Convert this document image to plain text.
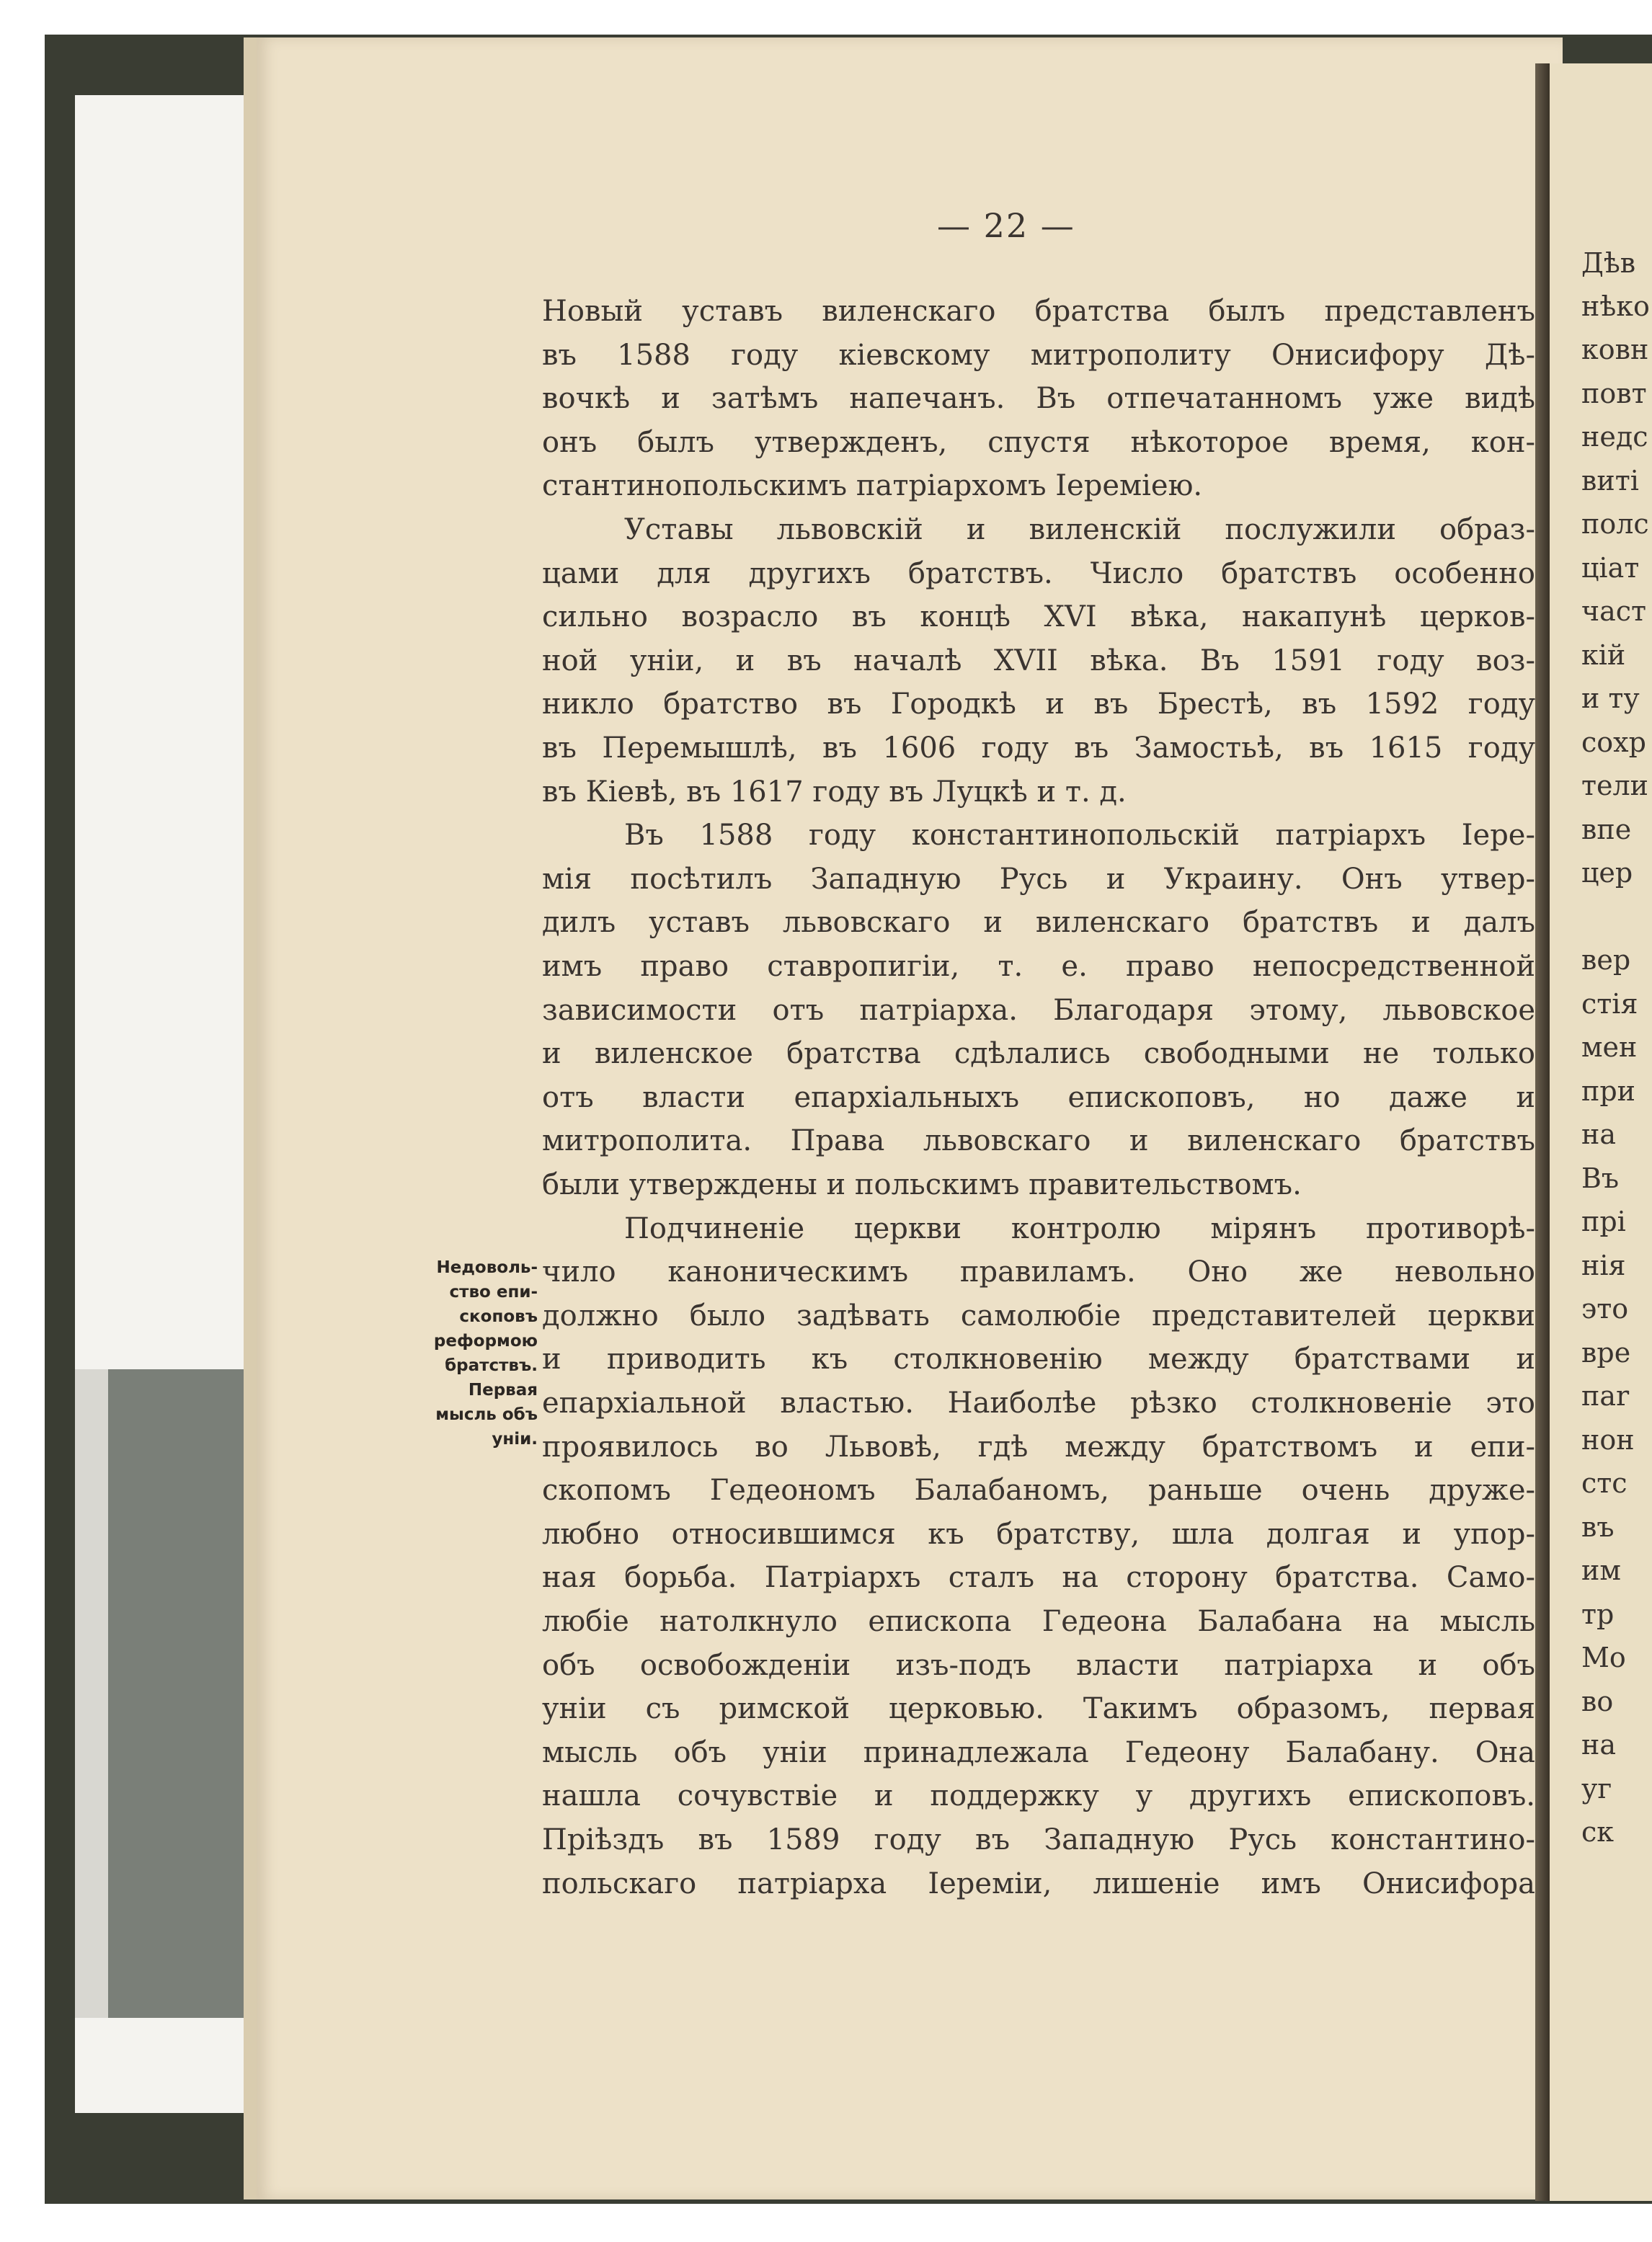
Дѣв
нѣко
ковн
повт
недс
виті
полс
ціат
част
кій
и ту
сохр
тели
впе
цер
вер
стія
мен
при
на
Въ
прі
нія
это
вре
паr
нон
стс
въ
им
тр
Мо
во
на
уг
ск
— 22 —
Новый уставъ виленскаго братства былъ представленъ
въ 1588 году кіевскому митрополиту Онисифору Дѣ-
вочкѣ и затѣмъ напечанъ. Въ отпечатанномъ уже видѣ
онъ былъ утвержденъ, спустя нѣкоторое время, кон-
стантинопольскимъ патріархомъ Іереміею.
Уставы львовскій и виленскій послужили образ-
цами для другихъ братствъ. Число братствъ особенно
сильно возрасло въ концѣ XVI вѣка, накапунѣ церков-
ной уніи, и въ началѣ XVII вѣка. Въ 1591 году воз-
никло братство въ Городкѣ и въ Брестѣ, въ 1592 году
въ Перемышлѣ, въ 1606 году въ Замостьѣ, въ 1615 году
въ Кіевѣ, въ 1617 году въ Луцкѣ и т. д.
Въ 1588 году константинопольскій патріархъ Іере-
мія посѣтилъ Западную Русь и Украину. Онъ утвер-
дилъ уставъ львовскаго и виленскаго братствъ и далъ
имъ право ставропигіи, т. е. право непосредственной
зависимости отъ патріарха. Благодаря этому, львовское
и виленское братства сдѣлались свободными не только
отъ власти епархіальныхъ епископовъ, но даже и
митрополита. Права львовскаго и виленскаго братствъ
были утверждены и польскимъ правительствомъ.
Подчиненіе церкви контролю мірянъ противорѣ-
чило каноническимъ правиламъ. Оно же невольно
должно было задѣвать самолюбіе представителей церкви
и приводить къ столкновенію между братствами и
епархіальной властью. Наиболѣе рѣзко столкновеніе это
проявилось во Львовѣ, гдѣ между братствомъ и епи-
скопомъ Гедеономъ Балабаномъ, раньше очень друже-
любно относившимся къ братству, шла долгая и упор-
ная борьба. Патріархъ сталъ на сторону братства. Само-
любіе натолкнуло епископа Гедеона Балабана на мысль
объ освобожденіи изъ-подъ власти патріарха и объ
уніи съ римской церковью. Такимъ образомъ, первая
мысль объ уніи принадлежала Гедеону Балабану. Она
нашла сочувствіе и поддержку у другихъ епископовъ.
Пріѣздъ въ 1589 году въ Западную Русь константино-
польскаго патріарха Іереміи, лишеніе имъ Онисифора
Недоволь-
ство епи-
скоповъ
реформою
братствъ.
Первая
мысль объ
уніи.
